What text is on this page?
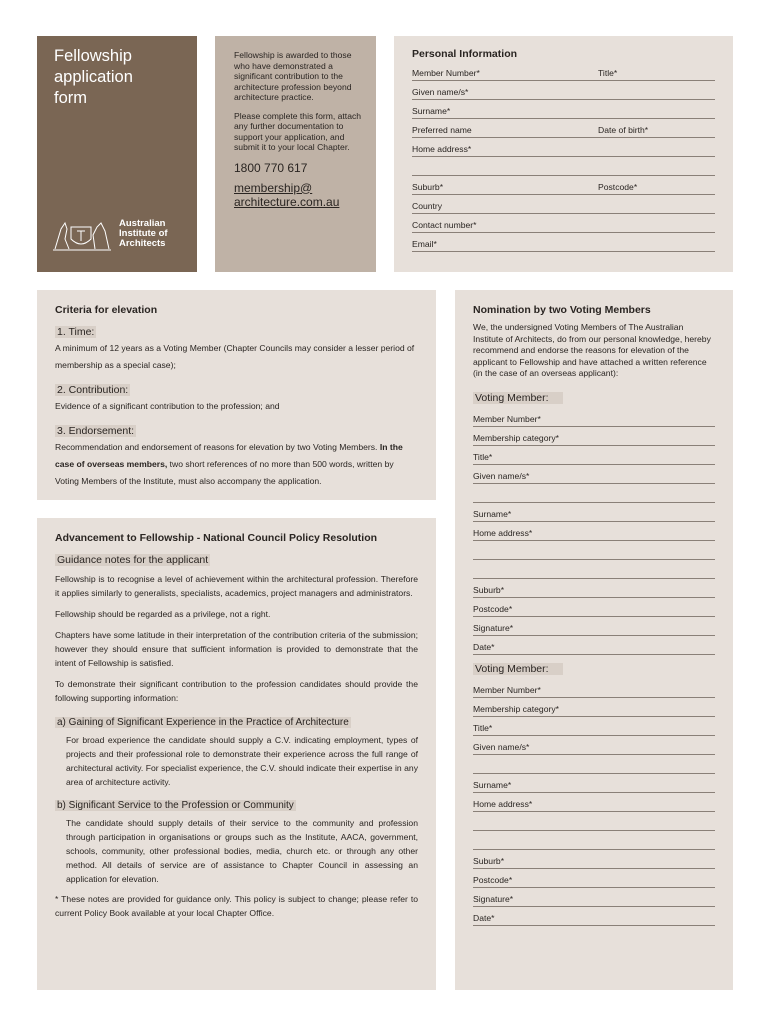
Fellowship
application
form
Australian
Institute of
Architects

Fellowship is awarded to those who have demonstrated a significant contribution to the architecture profession beyond architecture practice.

Please complete this form, attach any further documentation to support your application, and submit it to your local Chapter.

1800 770 617
membership@
architecture.com.au
Personal Information
Member Number*	Title*
Given name/s*
Surname*
Preferred name	Date of birth*
Home address*
Suburb*	Postcode*
Country
Contact number*
Email*
Criteria for elevation
1. Time:

A minimum of 12 years as a Voting Member (Chapter Councils may consider a lesser period of membership as a special case);

2. Contribution:

Evidence of a significant contribution to the profession; and

3. Endorsement:

Recommendation and endorsement of reasons for elevation by two Voting Members. In the case of overseas members, two short references of no more than 500 words, written by Voting Members of the Institute, must also accompany the application.

Advancement to Fellowship - National Council Policy Resolution
Guidance notes for the applicant

Fellowship is to recognise a level of achievement within the architectural profession. Therefore it applies similarly to generalists, specialists, academics, project managers and administrators.

Fellowship should be regarded as a privilege, not a right.

Chapters have some latitude in their interpretation of the contribution criteria of the submission; however they should ensure that sufficient information is provided to demonstrate that the intent of Fellowship is satisfied.

To demonstrate their significant contribution to the profession candidates should provide the following supporting information:

a) Gaining of Significant Experience in the Practice of Architecture

For broad experience the candidate should supply a C.V. indicating employment, types of projects and their professional role to demonstrate their experience across the full range of architectural activity. For specialist experience, the C.V. should indicate their expertise in any area of architecture activity.

b) Significant Service to the Profession or Community

The candidate should supply details of their service to the community and profession through participation in organisations or groups such as the Institute, AACA, government, schools, community, other professional bodies, media, church etc. or through any other method. All details of service are of assistance to Chapter Council in assessing an application for elevation.

* These notes are provided for guidance only. This policy is subject to change; please refer to current Policy Book available at your local Chapter Office.

Nomination by two Voting Members

We, the undersigned Voting Members of The Australian Institute of Architects, do from our personal knowledge, hereby recommend and endorse the reasons for elevation of the applicant to Fellowship and have attached a written reference (in the case of an overseas applicant):

Voting Member:
Member Number*
Membership category*
Title*
Given name/s*
Surname*
Home address*
Suburb*
Postcode*
Signature*
Date*
Voting Member:
Member Number*
Membership category*
Title*
Given name/s*
Surname*
Home address*
Suburb*
Postcode*
Signature*
Date*
